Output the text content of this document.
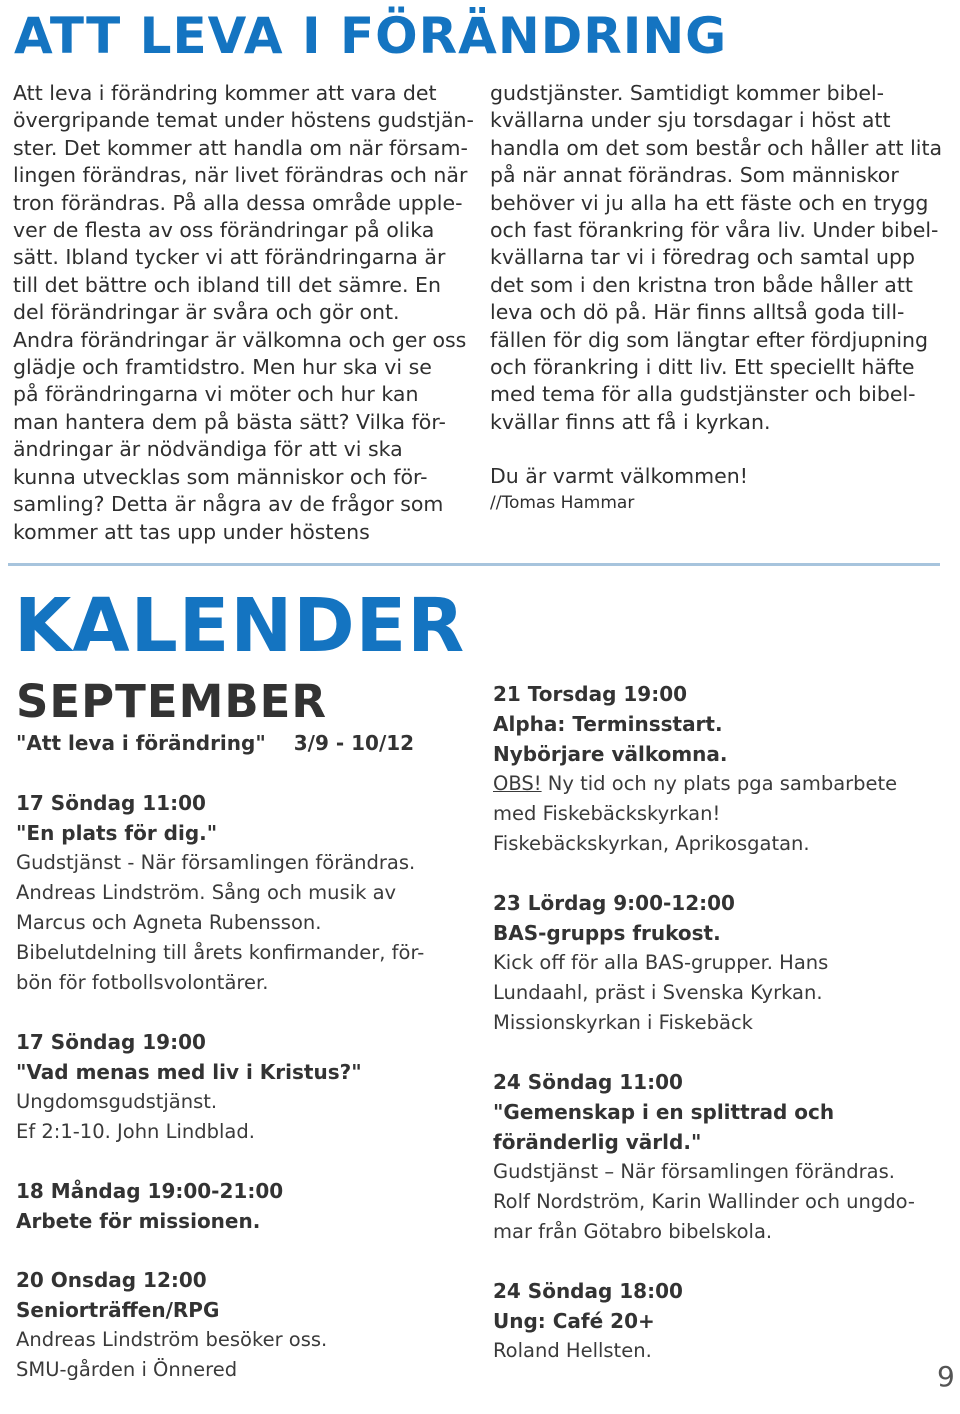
ATT LEVA I FÖRÄNDRING
Att leva i förändring kommer att vara det
övergripande temat under höstens gudstjän-
ster. Det kommer att handla om när försam-
lingen förändras, när livet förändras och när
tron förändras. På alla dessa område upple-
ver de flesta av oss förändringar på olika
sätt. Ibland tycker vi att förändringarna är
till det bättre och ibland till det sämre. En
del förändringar är svåra och gör ont.
Andra förändringar är välkomna och ger oss
glädje och framtidstro. Men hur ska vi se
på förändringarna vi möter och hur kan
man hantera dem på bästa sätt? Vilka för-
ändringar är nödvändiga för att vi ska
kunna utvecklas som människor och för-
samling? Detta är några av de frågor som
kommer att tas upp under höstens
gudstjänster. Samtidigt kommer bibel-
kvällarna under sju torsdagar i höst att
handla om det som består och håller att lita
på när annat förändras. Som människor
behöver vi ju alla ha ett fäste och en trygg
och fast förankring för våra liv. Under bibel-
kvällarna tar vi i föredrag och samtal upp
det som i den kristna tron både håller att
leva och dö på. Här finns alltså goda till-
fällen för dig som längtar efter fördjupning
och förankring i ditt liv. Ett speciellt häfte
med tema för alla gudstjänster och bibel-
kvällar finns att få i kyrkan.
Du är varmt välkommen!
//Tomas Hammar
KALENDER
SEPTEMBER
"Att leva i förändring" 3/9 - 10/12
17 Söndag 11:00
"En plats för dig."
Gudstjänst - När församlingen förändras.
Andreas Lindström. Sång och musik av
Marcus och Agneta Rubensson.
Bibelutdelning till årets konfirmander, för-
bön för fotbollsvolontärer.
17 Söndag 19:00
"Vad menas med liv i Kristus?"
Ungdomsgudstjänst.
Ef 2:1-10. John Lindblad.
18 Måndag 19:00-21:00
Arbete för missionen.
20 Onsdag 12:00
Seniorträffen/RPG
Andreas Lindström besöker oss.
SMU-gården i Önnered
21 Torsdag 19:00
Alpha: Terminsstart.
Nybörjare välkomna.
OBS! Ny tid och ny plats pga sambarbete
med Fiskebäckskyrkan!
Fiskebäckskyrkan, Aprikosgatan.
23 Lördag 9:00-12:00
BAS-grupps frukost.
Kick off för alla BAS-grupper. Hans
Lundaahl, präst i Svenska Kyrkan.
Missionskyrkan i Fiskebäck
24 Söndag 11:00
"Gemenskap i en splittrad och
föränderlig värld."
Gudstjänst – När församlingen förändras.
Rolf Nordström, Karin Wallinder och ungdo-
mar från Götabro bibelskola.
24 Söndag 18:00
Ung: Café 20+
Roland Hellsten.
9
